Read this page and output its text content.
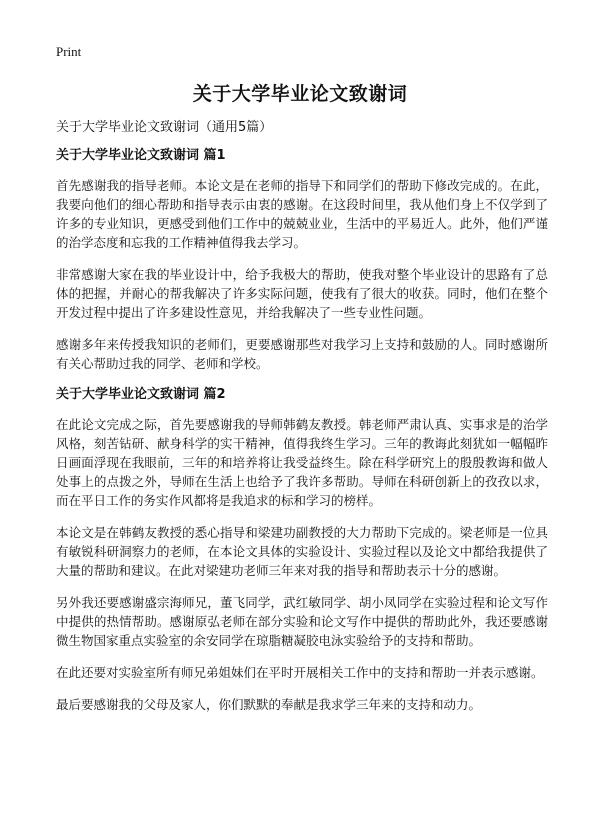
Print
关于大学毕业论文致谢词
关于大学毕业论文致谢词（通用5篇）
关于大学毕业论文致谢词 篇1

首先感谢我的指导老师。本论文是在老师的指导下和同学们的帮助下修改完成的。在此，我要向他们的细心帮助和指导表示由衷的感谢。在这段时间里，我从他们身上不仅学到了许多的专业知识，更感受到他们工作中的兢兢业业，生活中的平易近人。此外，他们严谨的治学态度和忘我的工作精神值得我去学习。

非常感谢大家在我的毕业设计中，给予我极大的帮助，使我对整个毕业设计的思路有了总体的把握，并耐心的帮我解决了许多实际问题，使我有了很大的收获。同时，他们在整个开发过程中提出了许多建设性意见，并给我解决了一些专业性问题。

感谢多年来传授我知识的老师们，更要感谢那些对我学习上支持和鼓励的人。同时感谢所有关心帮助过我的同学、老师和学校。

关于大学毕业论文致谢词 篇2

在此论文完成之际，首先要感谢我的导师韩鹤友教授。韩老师严肃认真、实事求是的治学风格，刻苦钻研、献身科学的实干精神，值得我终生学习。三年的教诲此刻犹如一幅幅昨日画面浮现在我眼前，三年的和培养将让我受益终生。除在科学研究上的殷殷教诲和做人处事上的点拨之外，导师在生活上也给予了我许多帮助。导师在科研创新上的孜孜以求，而在平日工作的务实作风都将是我追求的标和学习的榜样。

本论文是在韩鹤友教授的悉心指导和梁建功副教授的大力帮助下完成的。梁老师是一位具有敏锐科研洞察力的老师，在本论文具体的实验设计、实验过程以及论文中都给我提供了大量的帮助和建议。在此对梁建功老师三年来对我的指导和帮助表示十分的感谢。

另外我还要感谢盛宗海师兄，董飞同学，武红敏同学、胡小凤同学在实验过程和论文写作中提供的热情帮助。感谢原弘老师在部分实验和论文写作中提供的帮助此外，我还要感谢微生物国家重点实验室的余安同学在琼脂糖凝胶电泳实验给予的支持和帮助。

在此还要对实验室所有师兄弟姐妹们在平时开展相关工作中的支持和帮助一并表示感谢。

最后要感谢我的父母及家人，你们默默的奉献是我求学三年来的支持和动力。
